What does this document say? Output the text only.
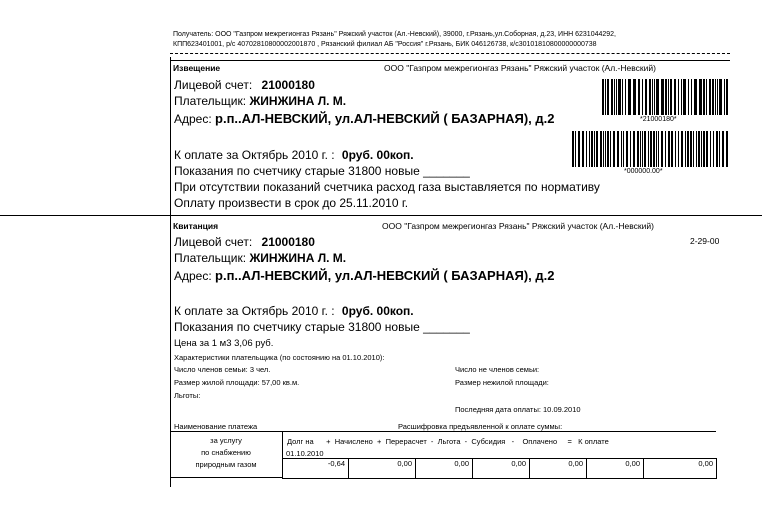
Получатель: ООО "Газпром межрегионгаз Рязань" Ряжский участок (Ал.-Невский), 39000, г.Рязань,ул.Соборная, д.23, ИНН 6231044292,
КПП623401001, р/с 40702810800002001870 , Рязанский филиал АБ "Россия" г.Рязань, БИК 046126738, к/с30101810800000000738
Извещение	ООО "Газпром межрегионгаз Рязань" Ряжский участок (Ал.-Невский)
Лицевой счет: 21000180
Плательщик: ЖИНЖИНА Л. М.
Адрес: р.п..АЛ-НЕВСКИЙ, ул.АЛ-НЕВСКИЙ ( БАЗАРНАЯ), д.2
К оплате за Октябрь 2010 г. : 0руб. 00коп.
Показания по счетчику старые 31800 новые _______
При отсутствии показаний счетчика расход газа выставляется по нормативу
Оплату произвести в срок до 25.11.2010 г.
*21000180*
*000000.00*
Квитанция	ООО "Газпром межрегионгаз Рязань" Ряжский участок (Ал.-Невский)
2-29-00
Лицевой счет: 21000180
Плательщик: ЖИНЖИНА Л. М.
Адрес: р.п..АЛ-НЕВСКИЙ, ул.АЛ-НЕВСКИЙ ( БАЗАРНАЯ), д.2
К оплате за Октябрь 2010 г. : 0руб. 00коп.
Показания по счетчику старые 31800 новые _______
Цена за 1 м3 3,06 руб.
Характеристики плательщика (по состоянию на 01.10.2010):
Число членов семьи: 3 чел.	Число не членов семьи:
Размер жилой площади: 57,00 кв.м.	Размер нежилой площади:
Льготы:
Последняя дата оплаты: 10.09.2010
Наименование платежа	Расшифровка предъявленной к оплате суммы:
за услугу
по снабжению
природным газом
Долг на      +  Начислено  +  Перерасчет  -  Льгота  -  Субсидия   -    Оплачено     =   К оплате
01.10.2010
-0,64	0,00	0,00	0,00	0,00	0,00	0,00
